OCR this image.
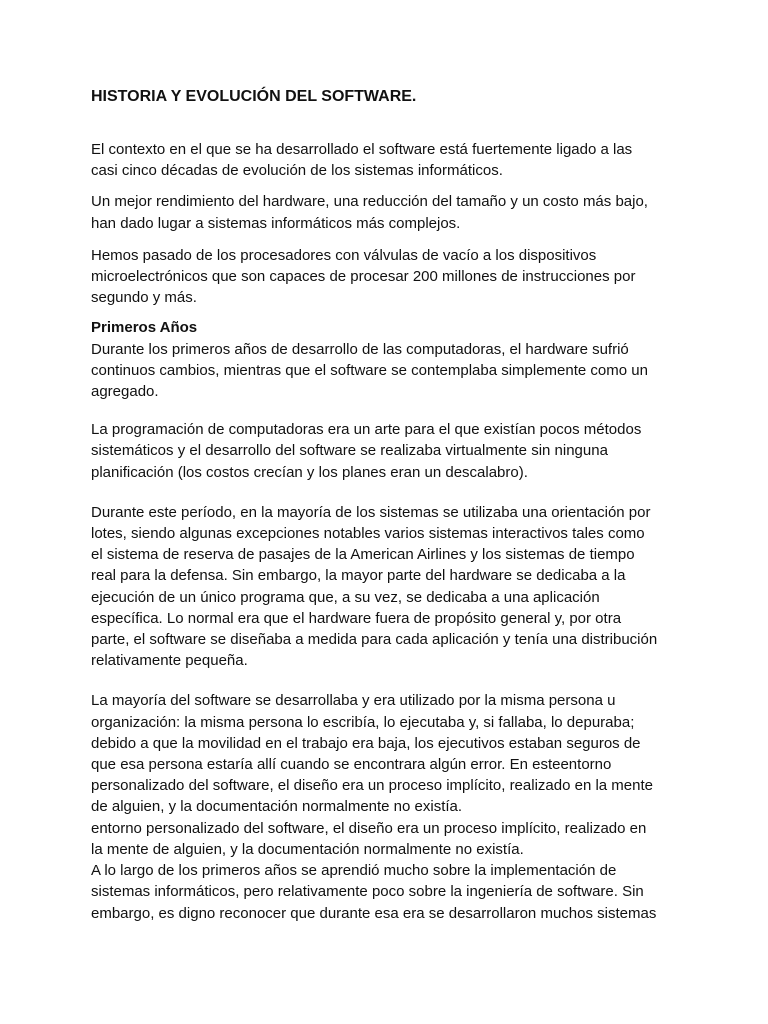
HISTORIA Y EVOLUCIÓN DEL SOFTWARE.

El contexto en el que se ha desarrollado el software está fuertemente ligado a las
casi cinco décadas de evolución de los sistemas informáticos.

Un mejor rendimiento del hardware, una reducción del tamaño y un costo más bajo,
han dado lugar a sistemas informáticos más complejos.

Hemos pasado de los procesadores con válvulas de vacío a los dispositivos
microelectrónicos que son capaces de procesar 200 millones de instrucciones por
segundo y más.

Primeros Años

Durante los primeros años de desarrollo de las computadoras, el hardware sufrió
continuos cambios, mientras que el software se contemplaba simplemente como un
agregado.

La programación de computadoras era un arte para el que existían pocos métodos
sistemáticos y el desarrollo del software se realizaba virtualmente sin ninguna
planificación (los costos crecían y los planes eran un descalabro).

Durante este período, en la mayoría de los sistemas se utilizaba una orientación por
lotes, siendo algunas excepciones notables varios sistemas interactivos tales como
el sistema de reserva de pasajes de la American Airlines y los sistemas de tiempo
real para la defensa. Sin embargo, la mayor parte del hardware se dedicaba a la
ejecución de un único programa que, a su vez, se dedicaba a una aplicación
específica. Lo normal era que el hardware fuera de propósito general y, por otra
parte, el software se diseñaba a medida para cada aplicación y tenía una distribución
relativamente pequeña.

La mayoría del software se desarrollaba y era utilizado por la misma persona u
organización: la misma persona lo escribía, lo ejecutaba y, si fallaba, lo depuraba;
debido a que la movilidad en el trabajo era baja, los ejecutivos estaban seguros de
que esa persona estaría allí cuando se encontrara algún error. En esteentorno
personalizado del software, el diseño era un proceso implícito, realizado en la mente
de alguien, y la documentación normalmente no existía.
entorno personalizado del software, el diseño era un proceso implícito, realizado en
la mente de alguien, y la documentación normalmente no existía.
A lo largo de los primeros años se aprendió mucho sobre la implementación de
sistemas informáticos, pero relativamente poco sobre la ingeniería de software. Sin
embargo, es digno reconocer que durante esa era se desarrollaron muchos sistemas
